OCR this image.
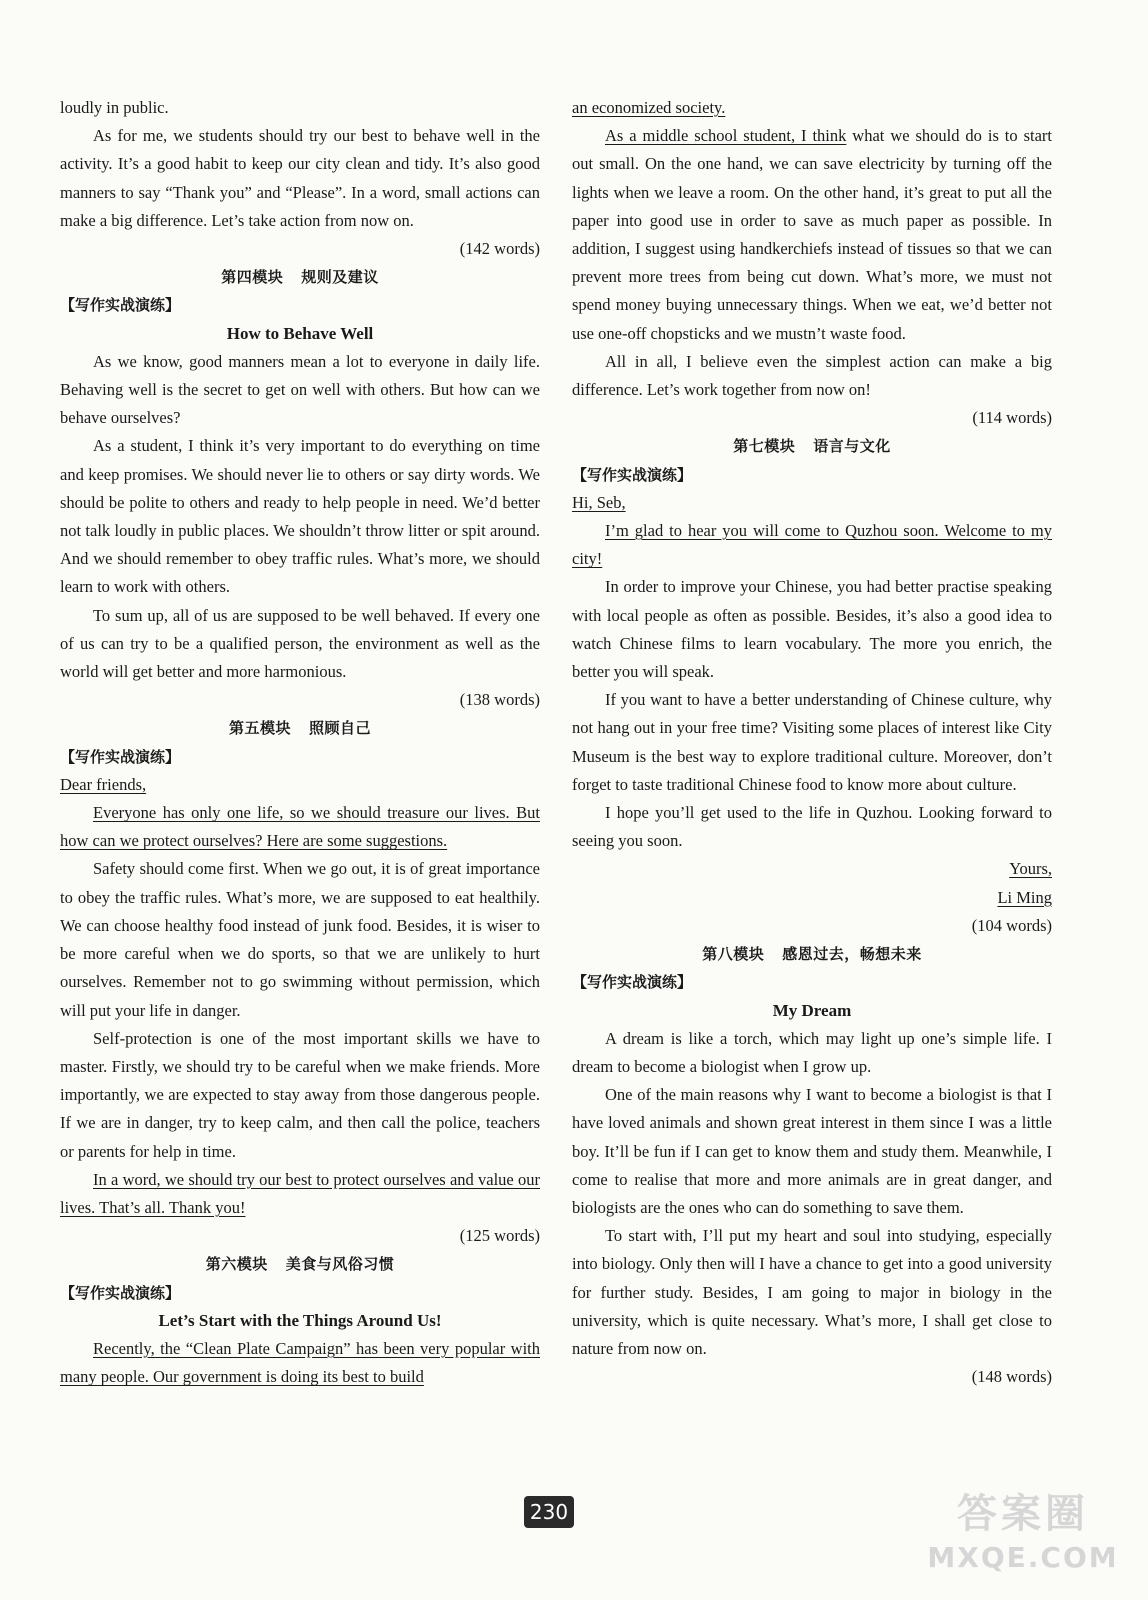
loudly in public.

As for me, we students should try our best to behave well in the activity. It’s a good habit to keep our city clean and tidy. It’s also good manners to say “Thank you” and “Please”. In a word, small actions can make a big difference. Let’s take action from now on.

(142 words)

第四模块 规则及建议

【写作实战演练】

How to Behave Well

As we know, good manners mean a lot to everyone in daily life. Behaving well is the secret to get on well with others. But how can we behave ourselves?

As a student, I think it’s very important to do everything on time and keep promises. We should never lie to others or say dirty words. We should be polite to others and ready to help people in need. We’d better not talk loudly in public places. We shouldn’t throw litter or spit around. And we should remember to obey traffic rules. What’s more, we should learn to work with others.

To sum up, all of us are supposed to be well behaved. If every one of us can try to be a qualified person, the environment as well as the world will get better and more harmonious.

(138 words)

第五模块 照顾自己

【写作实战演练】

Dear friends,

Everyone has only one life, so we should treasure our lives. But how can we protect ourselves? Here are some suggestions.

Safety should come first. When we go out, it is of great importance to obey the traffic rules. What’s more, we are supposed to eat healthily. We can choose healthy food instead of junk food. Besides, it is wiser to be more careful when we do sports, so that we are unlikely to hurt ourselves. Remember not to go swimming without permission, which will put your life in danger.

Self-protection is one of the most important skills we have to master. Firstly, we should try to be careful when we make friends. More importantly, we are expected to stay away from those dangerous people. If we are in danger, try to keep calm, and then call the police, teachers or parents for help in time.

In a word, we should try our best to protect ourselves and value our lives. That’s all. Thank you!

(125 words)

第六模块 美食与风俗习惯

【写作实战演练】

Let’s Start with the Things Around Us!

Recently, the “Clean Plate Campaign” has been very popular with many people. Our government is doing its best to build

an economized society.

As a middle school student, I think what we should do is to start out small. On the one hand, we can save electricity by turning off the lights when we leave a room. On the other hand, it’s great to put all the paper into good use in order to save as much paper as possible. In addition, I suggest using handkerchiefs instead of tissues so that we can prevent more trees from being cut down. What’s more, we must not spend money buying unnecessary things. When we eat, we’d better not use one-off chopsticks and we mustn’t waste food.

All in all, I believe even the simplest action can make a big difference. Let’s work together from now on!

(114 words)

第七模块 语言与文化

【写作实战演练】

Hi, Seb,

I’m glad to hear you will come to Quzhou soon. Welcome to my city!

In order to improve your Chinese, you had better practise speaking with local people as often as possible. Besides, it’s also a good idea to watch Chinese films to learn vocabulary. The more you enrich, the better you will speak.

If you want to have a better understanding of Chinese culture, why not hang out in your free time? Visiting some places of interest like City Museum is the best way to explore traditional culture. Moreover, don’t forget to taste traditional Chinese food to know more about culture.

I hope you’ll get used to the life in Quzhou. Looking forward to seeing you soon.

Yours,

Li Ming

(104 words)

第八模块 感恩过去，畅想未来

【写作实战演练】

My Dream

A dream is like a torch, which may light up one’s simple life. I dream to become a biologist when I grow up.

One of the main reasons why I want to become a biologist is that I have loved animals and shown great interest in them since I was a little boy. It’ll be fun if I can get to know them and study them. Meanwhile, I come to realise that more and more animals are in great danger, and biologists are the ones who can do something to save them.

To start with, I’ll put my heart and soul into studying, especially into biology. Only then will I have a chance to get into a good university for further study. Besides, I am going to major in biology in the university, which is quite necessary. What’s more, I shall get close to nature from now on.

(148 words)

230	答案圈
MXQE.COM
